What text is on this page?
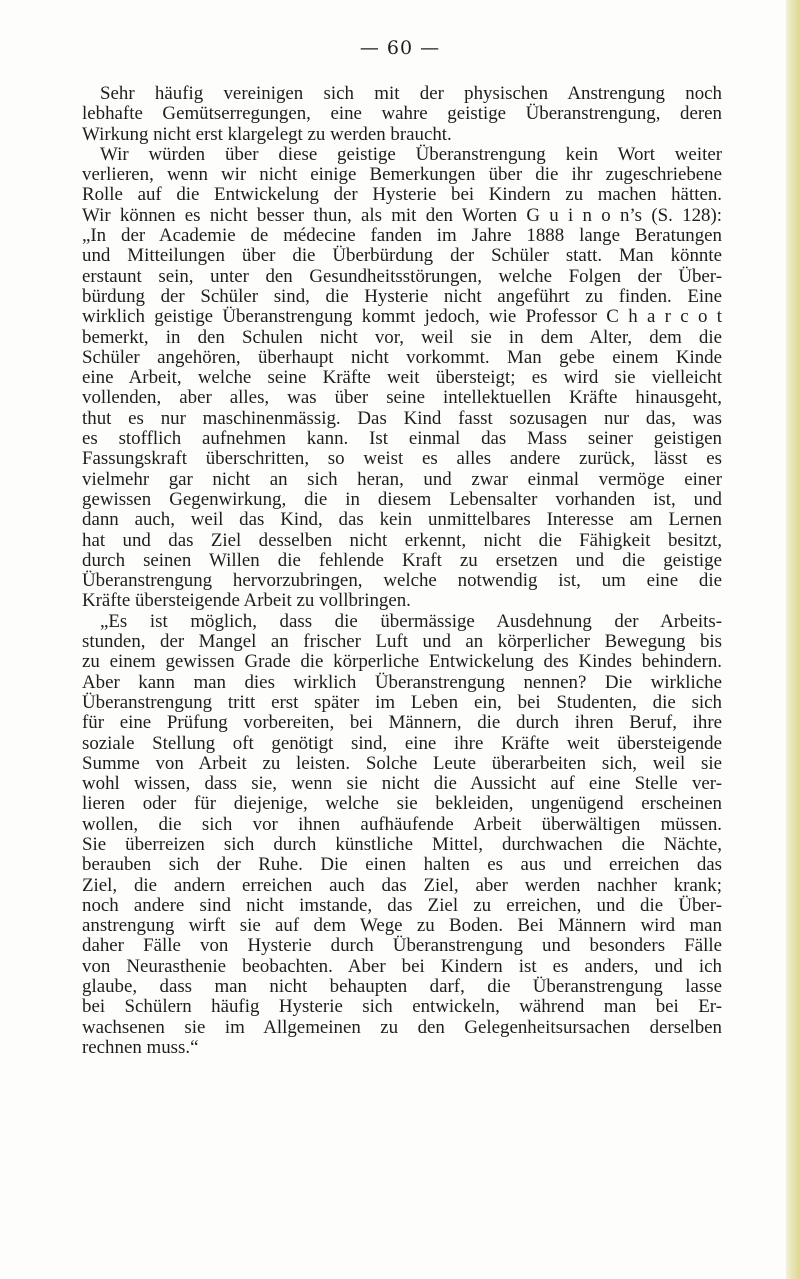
— 60 —
Sehr häufig vereinigen sich mit der physischen Anstrengung noch
lebhafte Gemütserregungen, eine wahre geistige Überanstrengung, deren
Wirkung nicht erst klargelegt zu werden braucht.
Wir würden über diese geistige Überanstrengung kein Wort weiter
verlieren, wenn wir nicht einige Bemerkungen über die ihr zugeschriebene
Rolle auf die Entwickelung der Hysterie bei Kindern zu machen hätten.
Wir können es nicht besser thun, als mit den Worten G u i n o n’s (S. 128):
„In der Academie de médecine fanden im Jahre 1888 lange Beratungen
und Mitteilungen über die Überbürdung der Schüler statt. Man könnte
erstaunt sein, unter den Gesundheitsstörungen, welche Folgen der Über-
bürdung der Schüler sind, die Hysterie nicht angeführt zu finden. Eine
wirklich geistige Überanstrengung kommt jedoch, wie Professor C h a r c o t
bemerkt, in den Schulen nicht vor, weil sie in dem Alter, dem die
Schüler angehören, überhaupt nicht vorkommt. Man gebe einem Kinde
eine Arbeit, welche seine Kräfte weit übersteigt; es wird sie vielleicht
vollenden, aber alles, was über seine intellektuellen Kräfte hinausgeht,
thut es nur maschinenmässig. Das Kind fasst sozusagen nur das, was
es stofflich aufnehmen kann. Ist einmal das Mass seiner geistigen
Fassungskraft überschritten, so weist es alles andere zurück, lässt es
vielmehr gar nicht an sich heran, und zwar einmal vermöge einer
gewissen Gegenwirkung, die in diesem Lebensalter vorhanden ist, und
dann auch, weil das Kind, das kein unmittelbares Interesse am Lernen
hat und das Ziel desselben nicht erkennt, nicht die Fähigkeit besitzt,
durch seinen Willen die fehlende Kraft zu ersetzen und die geistige
Überanstrengung hervorzubringen, welche notwendig ist, um eine die
Kräfte übersteigende Arbeit zu vollbringen.
„Es ist möglich, dass die übermässige Ausdehnung der Arbeits-
stunden, der Mangel an frischer Luft und an körperlicher Bewegung bis
zu einem gewissen Grade die körperliche Entwickelung des Kindes behindern.
Aber kann man dies wirklich Überanstrengung nennen? Die wirkliche
Überanstrengung tritt erst später im Leben ein, bei Studenten, die sich
für eine Prüfung vorbereiten, bei Männern, die durch ihren Beruf, ihre
soziale Stellung oft genötigt sind, eine ihre Kräfte weit übersteigende
Summe von Arbeit zu leisten. Solche Leute überarbeiten sich, weil sie
wohl wissen, dass sie, wenn sie nicht die Aussicht auf eine Stelle ver-
lieren oder für diejenige, welche sie bekleiden, ungenügend erscheinen
wollen, die sich vor ihnen aufhäufende Arbeit überwältigen müssen.
Sie überreizen sich durch künstliche Mittel, durchwachen die Nächte,
berauben sich der Ruhe. Die einen halten es aus und erreichen das
Ziel, die andern erreichen auch das Ziel, aber werden nachher krank;
noch andere sind nicht imstande, das Ziel zu erreichen, und die Über-
anstrengung wirft sie auf dem Wege zu Boden. Bei Männern wird man
daher Fälle von Hysterie durch Überanstrengung und besonders Fälle
von Neurasthenie beobachten. Aber bei Kindern ist es anders, und ich
glaube, dass man nicht behaupten darf, die Überanstrengung lasse
bei Schülern häufig Hysterie sich entwickeln, während man bei Er-
wachsenen sie im Allgemeinen zu den Gelegenheitsursachen derselben
rechnen muss.“
